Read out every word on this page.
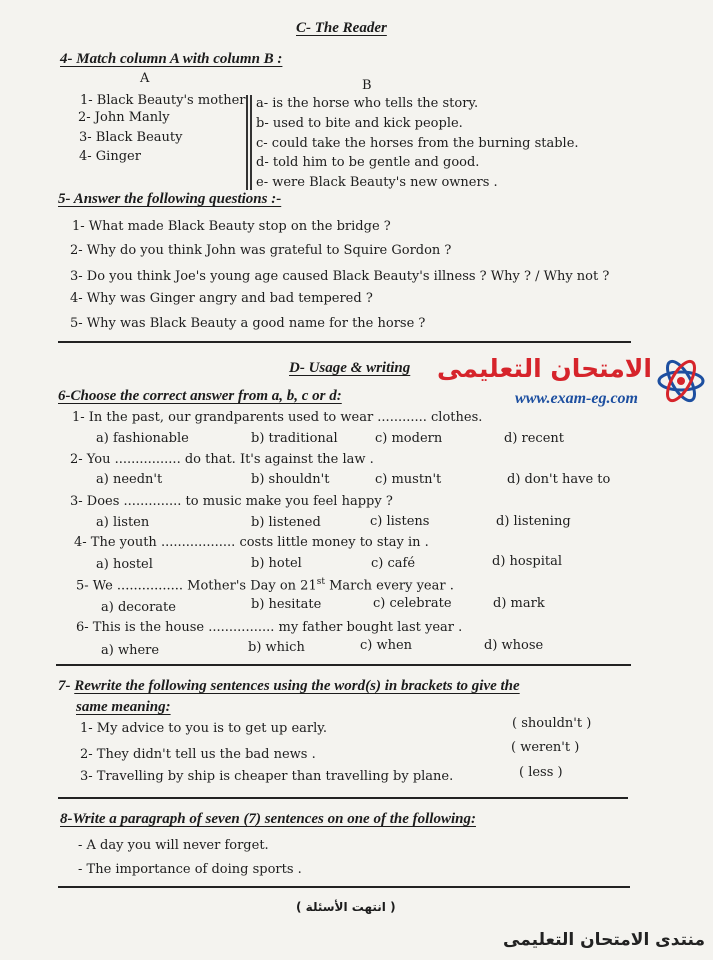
C- The Reader
4- Match column A with column B :
A	B
1- Black Beauty's mother
2- John Manly
3- Black Beauty
4- Ginger
a- is the horse who tells the story.
b- used to bite and kick people.
c- could take the horses from the burning stable.
d- told him to be gentle and good.
e- were Black Beauty's new owners .
5- Answer the following questions :-
1- What made Black Beauty stop on the bridge ?
2- Why do you think John was grateful to Squire Gordon ?
3- Do you think Joe's young age caused Black Beauty's illness ? Why ? / Why not ?
4- Why was Ginger angry and bad tempered ?
5- Why was Black Beauty a good name for the horse ?
D- Usage & writing الامتحان التعليمى
www.exam-eg.com
6-Choose the correct answer from a, b, c or d:
1- In the past, our grandparents used to wear ............ clothes.
a) fashionable	b) traditional	c) modern	d) recent
2- You ................ do that. It's against the law .
a) needn't	b) shouldn't	c) mustn't	d) don't have to
3- Does .............. to music make you feel happy ?
a) listen	b) listened	c) listens	d) listening
4- The youth .................. costs little money to stay in .
a) hostel	b) hotel	c) café	d) hospital
5- We ................ Mother's Day on 21st March every year .
a) decorate	b) hesitate	c) celebrate	d) mark
6- This is the house ................ my father bought last year .
a) where	b) which	c) when	d) whose
7- Rewrite the following sentences using the word(s) in brackets to give the
same meaning:
1- My advice to you is to get up early.	( shouldn't )
2- They didn't tell us the bad news .	( weren't )
3- Travelling by ship is cheaper than travelling by plane.	( less )
8-Write a paragraph of seven (7) sentences on one of the following:
- A day you will never forget.
- The importance of doing sports .
( انتهت الأسئلة )
منتدى الامتحان التعليمى
